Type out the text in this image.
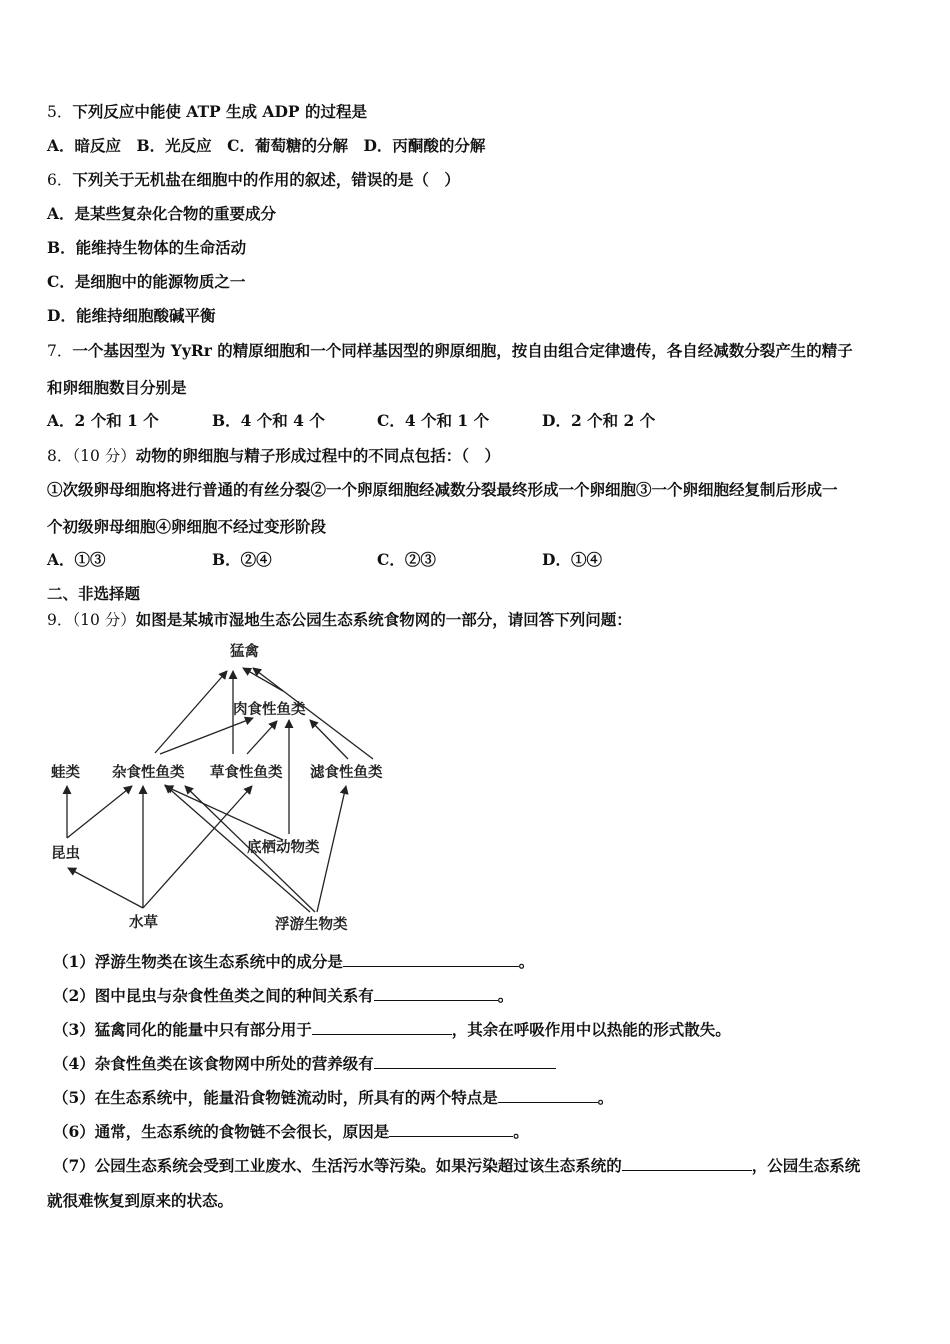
5．下列反应中能使 ATP 生成 ADP 的过程是
A．暗反应　B．光反应　C．葡萄糖的分解　D．丙酮酸的分解
6．下列关于无机盐在细胞中的作用的叙述，错误的是（　）
A．是某些复杂化合物的重要成分
B．能维持生物体的生命活动
C．是细胞中的能源物质之一
D．能维持细胞酸碱平衡
7．一个基因型为 YyRr 的精原细胞和一个同样基因型的卵原细胞，按自由组合定律遗传，各自经减数分裂产生的精子
和卵细胞数目分别是
A．2 个和 1 个	B．4 个和 4 个	C．4 个和 1 个	D．2 个和 2 个
8．（10 分）动物的卵细胞与精子形成过程中的不同点包括：（　）
①次级卵母细胞将进行普通的有丝分裂②一个卵原细胞经减数分裂最终形成一个卵细胞③一个卵细胞经复制后形成一
个初级卵母细胞④卵细胞不经过变形阶段
A．①③	B．②④	C．②③	D．①④
二、非选择题
9．（10 分）如图是某城市湿地生态公园生态系统食物网的一部分，请回答下列问题：
猛禽
肉食性鱼类
蛙类 杂食性鱼类 草食性鱼类 滤食性鱼类
昆虫	底栖动物类
水草	浮游生物类
（1）浮游生物类在该生态系统中的成分是	。
（2）图中昆虫与杂食性鱼类之间的种间关系有	。
（3）猛禽同化的能量中只有部分用于	，其余在呼吸作用中以热能的形式散失。
（4）杂食性鱼类在该食物网中所处的营养级有
（5）在生态系统中，能量沿食物链流动时，所具有的两个特点是	。
（6）通常，生态系统的食物链不会很长，原因是	。
（7）公园生态系统会受到工业废水、生活污水等污染。如果污染超过该生态系统的	，公园生态系统
就很难恢复到原来的状态。
